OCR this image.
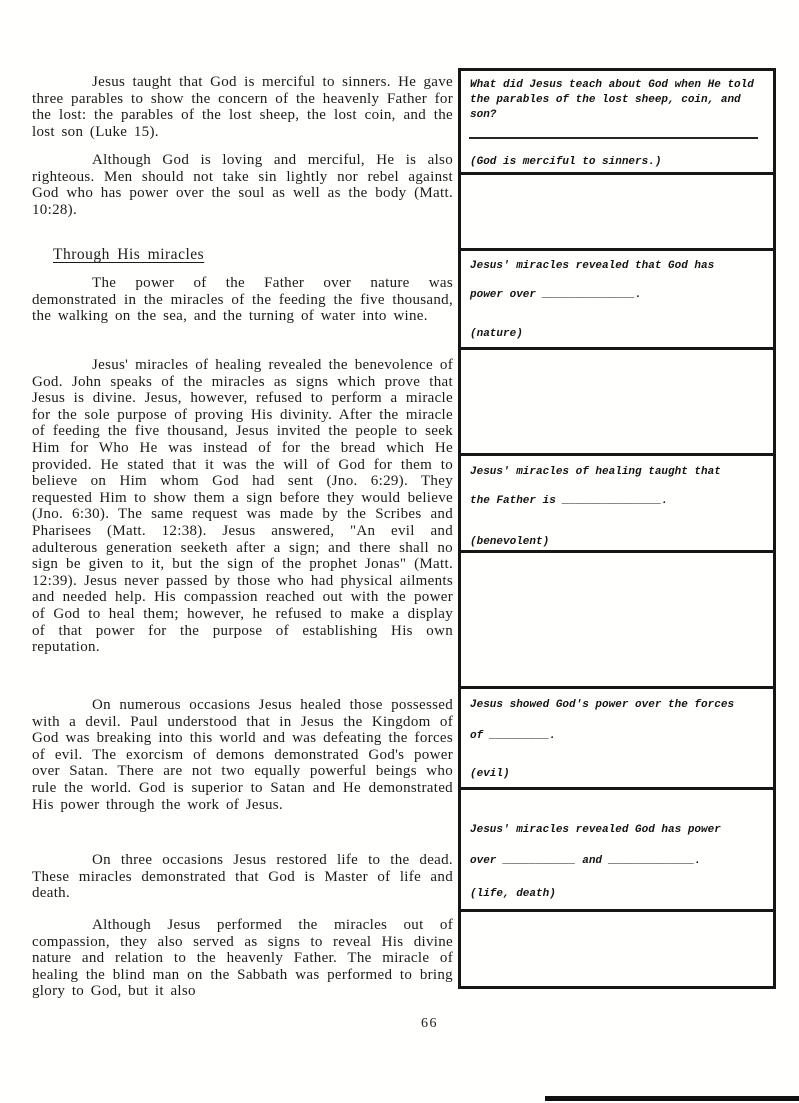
Jesus taught that God is merciful to sinners. He gave three parables to show the concern of the heavenly Father for the lost: the parables of the lost sheep, the lost coin, and the lost son (Luke 15).

Although God is loving and merciful, He is also righteous. Men should not take sin lightly nor rebel against God who has power over the soul as well as the body (Matt. 10:28).

Through His miracles

The power of the Father over nature was demonstrated in the miracles of the feeding the five thousand, the walking on the sea, and the turning of water into wine.

Jesus' miracles of healing revealed the benevolence of God. John speaks of the miracles as signs which prove that Jesus is divine. Jesus, however, refused to perform a miracle for the sole purpose of proving His divinity. After the miracle of feeding the five thousand, Jesus invited the people to seek Him for Who He was instead of for the bread which He provided. He stated that it was the will of God for them to believe on Him whom God had sent (Jno. 6:29). They requested Him to show them a sign before they would believe (Jno. 6:30). The same request was made by the Scribes and Pharisees (Matt. 12:38). Jesus answered, "An evil and adulterous generation seeketh after a sign; and there shall no sign be given to it, but the sign of the prophet Jonas" (Matt. 12:39). Jesus never passed by those who had physical ailments and needed help. His compassion reached out with the power of God to heal them; however, he refused to make a display of that power for the purpose of establishing His own reputation.

On numerous occasions Jesus healed those possessed with a devil. Paul understood that in Jesus the Kingdom of God was breaking into this world and was defeating the forces of evil. The exorcism of demons demonstrated God's power over Satan. There are not two equally powerful beings who rule the world. God is superior to Satan and He demonstrated His power through the work of Jesus.

On three occasions Jesus restored life to the dead. These miracles demonstrated that God is Master of life and death.

Although Jesus performed the miracles out of compassion, they also served as signs to reveal His divine nature and relation to the heavenly Father. The miracle of healing the blind man on the Sabbath was performed to bring glory to God, but it also

What did Jesus teach about God when He told the parables of the lost sheep, coin, and son?

(God is merciful to sinners.)

Jesus' miracles revealed that God has

power over ______________.

(nature)

Jesus' miracles of healing taught that

the Father is _______________.

(benevolent)

Jesus showed God's power over the forces

of _________.

(evil)

Jesus' miracles revealed God has power

over ___________ and _____________.

(life, death)

66
